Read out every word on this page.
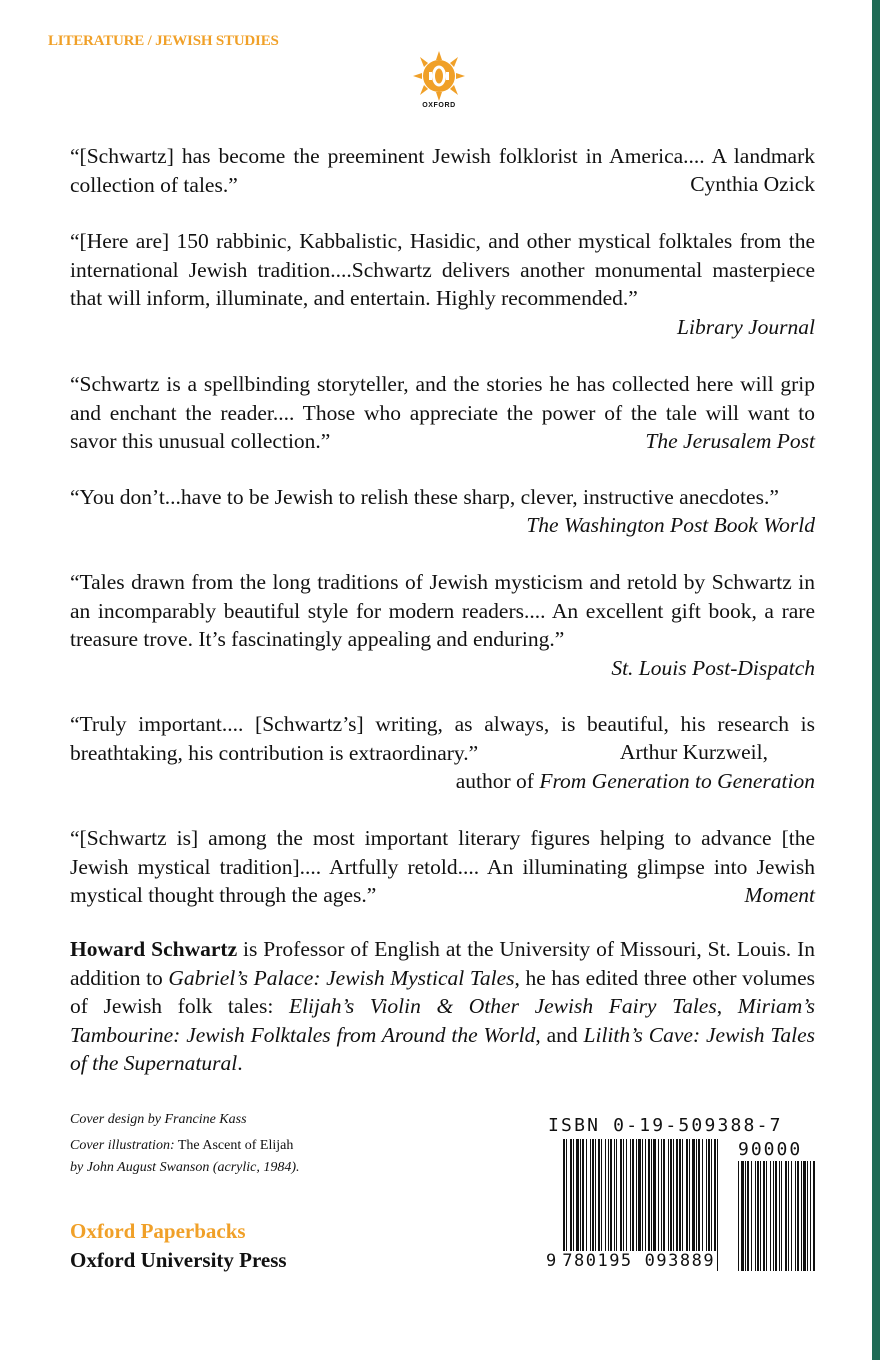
LITERATURE / JEWISH STUDIES
OXFORD
“[Schwartz] has become the preeminent Jewish folklorist in America.... A landmark collection of tales.”	Cynthia Ozick
“[Here are] 150 rabbinic, Kabbalistic, Hasidic, and other mystical folktales from the international Jewish tradition....Schwartz delivers another monumental masterpiece that will inform, illuminate, and entertain. Highly recommended.”
Library Journal
“Schwartz is a spellbinding storyteller, and the stories he has collected here will grip and enchant the reader.... Those who appreciate the power of the tale will want to savor this unusual collection.”	The Jerusalem Post
“You don’t...have to be Jewish to relish these sharp, clever, instructive anecdotes.”
The Washington Post Book World
“Tales drawn from the long traditions of Jewish mysticism and retold by Schwartz in an incomparably beautiful style for modern readers.... An excellent gift book, a rare treasure trove. It’s fascinatingly appealing and enduring.”
St. Louis Post-Dispatch
“Truly important.... [Schwartz’s] writing, as always, is beautiful, his research is breathtaking, his contribution is extraordinary.”	Arthur Kurzweil,
author of From Generation to Generation
“[Schwartz is] among the most important literary figures helping to advance [the Jewish mystical tradition].... Artfully retold.... An illuminating glimpse into Jewish mystical thought through the ages.”	Moment
Howard Schwartz is Professor of English at the University of Missouri, St. Louis. In addition to Gabriel’s Palace: Jewish Mystical Tales, he has edited three other volumes of Jewish folk tales: Elijah’s Violin & Other Jewish Fairy Tales, Miriam’s Tambourine: Jewish Folktales from Around the World, and Lilith’s Cave: Jewish Tales of the Supernatural.
Cover design by Francine Kass
Cover illustration: The Ascent of Elijah
by John August Swanson (acrylic, 1984).
Oxford Paperbacks
Oxford University Press
ISBN 0-19-509388-7
90000
9 780195 093889
